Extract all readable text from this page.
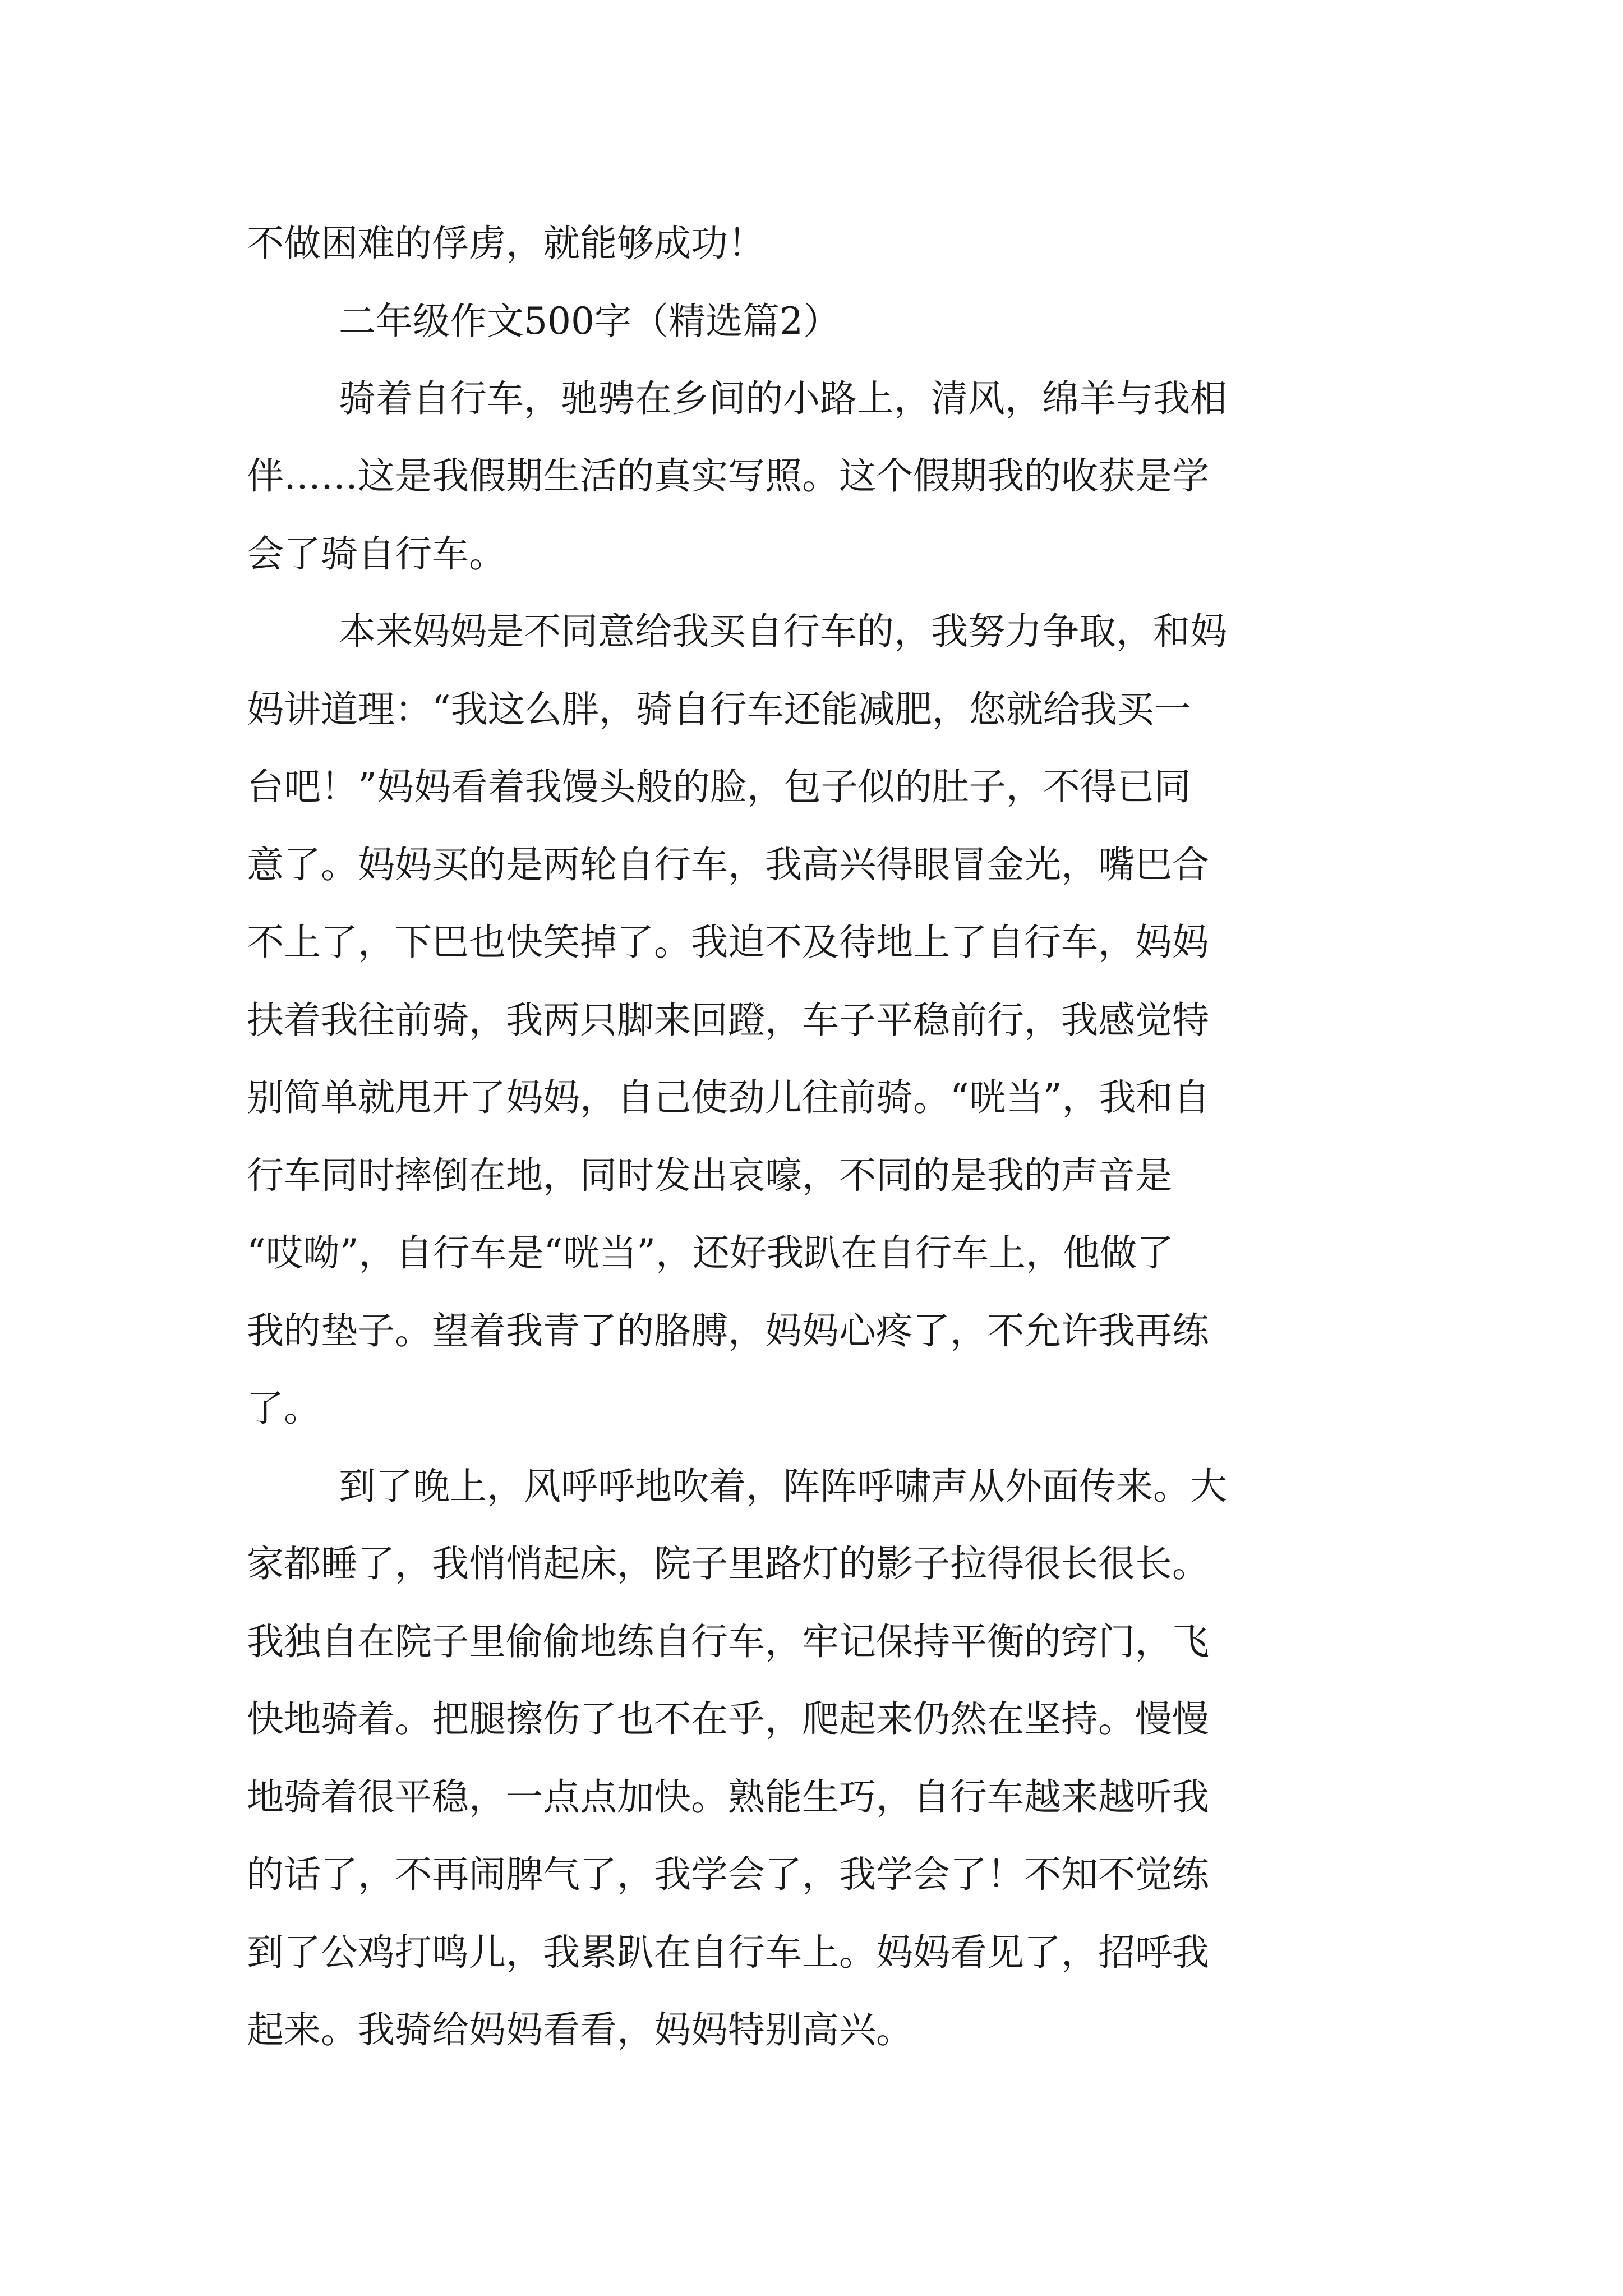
不做困难的俘虏，就能够成功！
二年级作文500字（精选篇2）
骑着自行车，驰骋在乡间的小路上，清风，绵羊与我相
伴……这是我假期生活的真实写照。这个假期我的收获是学
会了骑自行车。
本来妈妈是不同意给我买自行车的，我努力争取，和妈
妈讲道理：“我这么胖，骑自行车还能减肥，您就给我买一
台吧！”妈妈看着我馒头般的脸，包子似的肚子，不得已同
意了。妈妈买的是两轮自行车，我高兴得眼冒金光，嘴巴合
不上了，下巴也快笑掉了。我迫不及待地上了自行车，妈妈
扶着我往前骑，我两只脚来回蹬，车子平稳前行，我感觉特
别简单就甩开了妈妈，自己使劲儿往前骑。“咣当”，我和自
行车同时摔倒在地，同时发出哀嚎，不同的是我的声音是
“哎呦”，自行车是“咣当”，还好我趴在自行车上，他做了
我的垫子。望着我青了的胳膊，妈妈心疼了，不允许我再练
了。
到了晚上，风呼呼地吹着，阵阵呼啸声从外面传来。大
家都睡了，我悄悄起床，院子里路灯的影子拉得很长很长。
我独自在院子里偷偷地练自行车，牢记保持平衡的窍门，飞
快地骑着。把腿擦伤了也不在乎，爬起来仍然在坚持。慢慢
地骑着很平稳，一点点加快。熟能生巧，自行车越来越听我
的话了，不再闹脾气了，我学会了，我学会了！不知不觉练
到了公鸡打鸣儿，我累趴在自行车上。妈妈看见了，招呼我
起来。我骑给妈妈看看，妈妈特别高兴。
